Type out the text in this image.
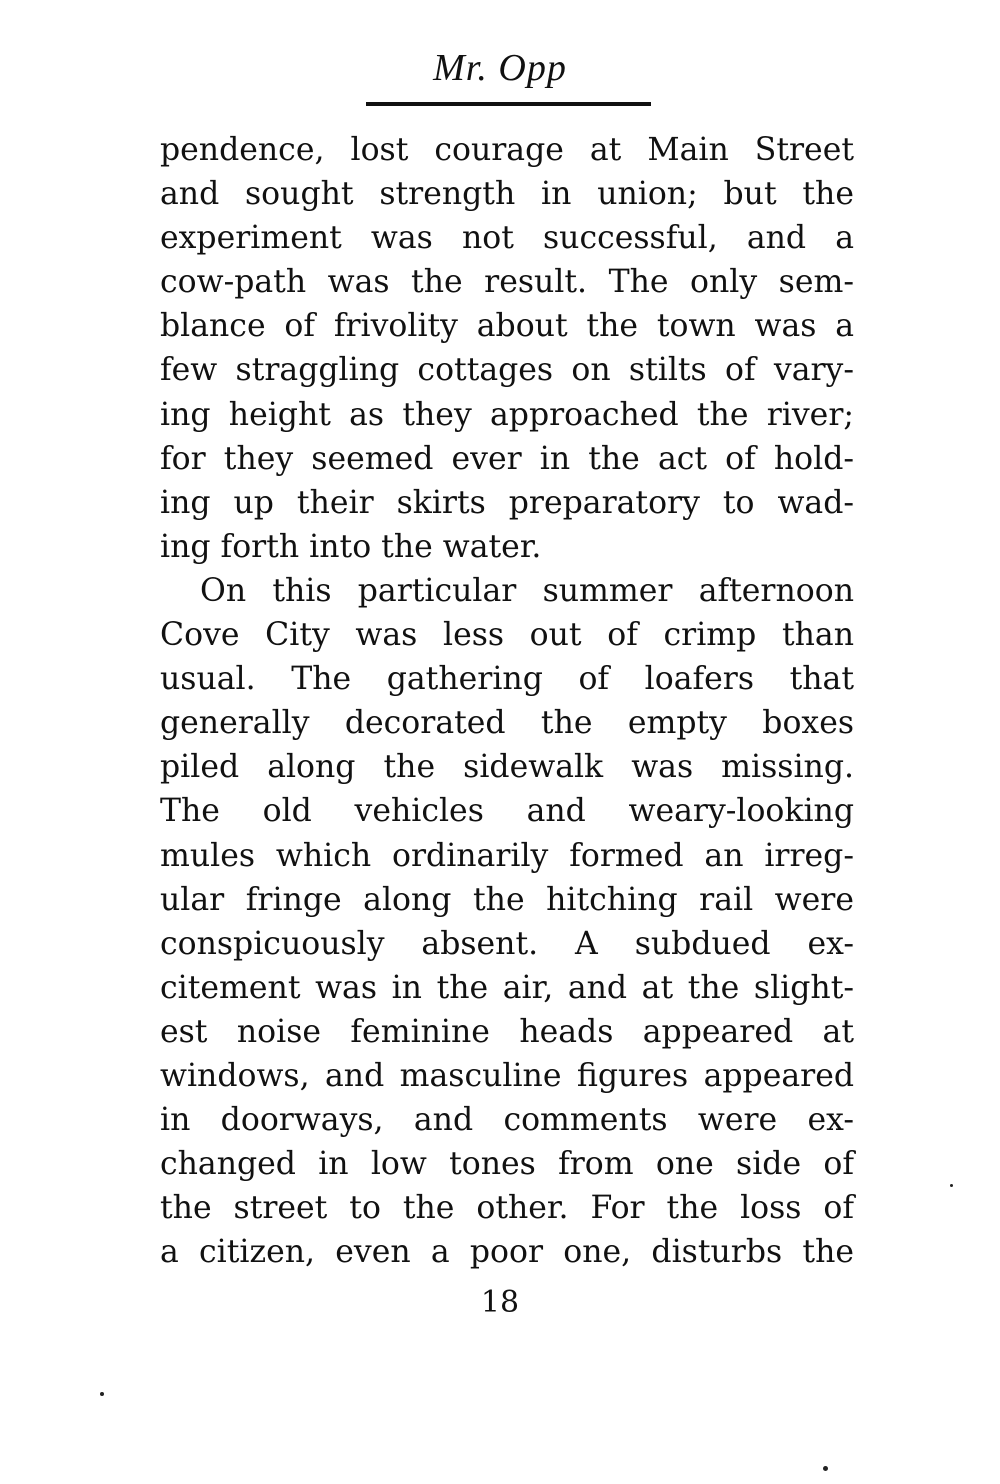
Mr. Opp
pendence, lost courage at Main Street
and sought strength in union; but the
experiment was not successful, and a
cow-path was the result. The only sem-
blance of frivolity about the town was a
few straggling cottages on stilts of vary-
ing height as they approached the river;
for they seemed ever in the act of hold-
ing up their skirts preparatory to wad-
ing forth into the water.
On this particular summer afternoon
Cove City was less out of crimp than
usual. The gathering of loafers that
generally decorated the empty boxes
piled along the sidewalk was missing.
The old vehicles and weary-looking
mules which ordinarily formed an irreg-
ular fringe along the hitching rail were
conspicuously absent. A subdued ex-
citement was in the air, and at the slight-
est noise feminine heads appeared at
windows, and masculine figures appeared
in doorways, and comments were ex-
changed in low tones from one side of
the street to the other. For the loss of
a citizen, even a poor one, disturbs the
18
